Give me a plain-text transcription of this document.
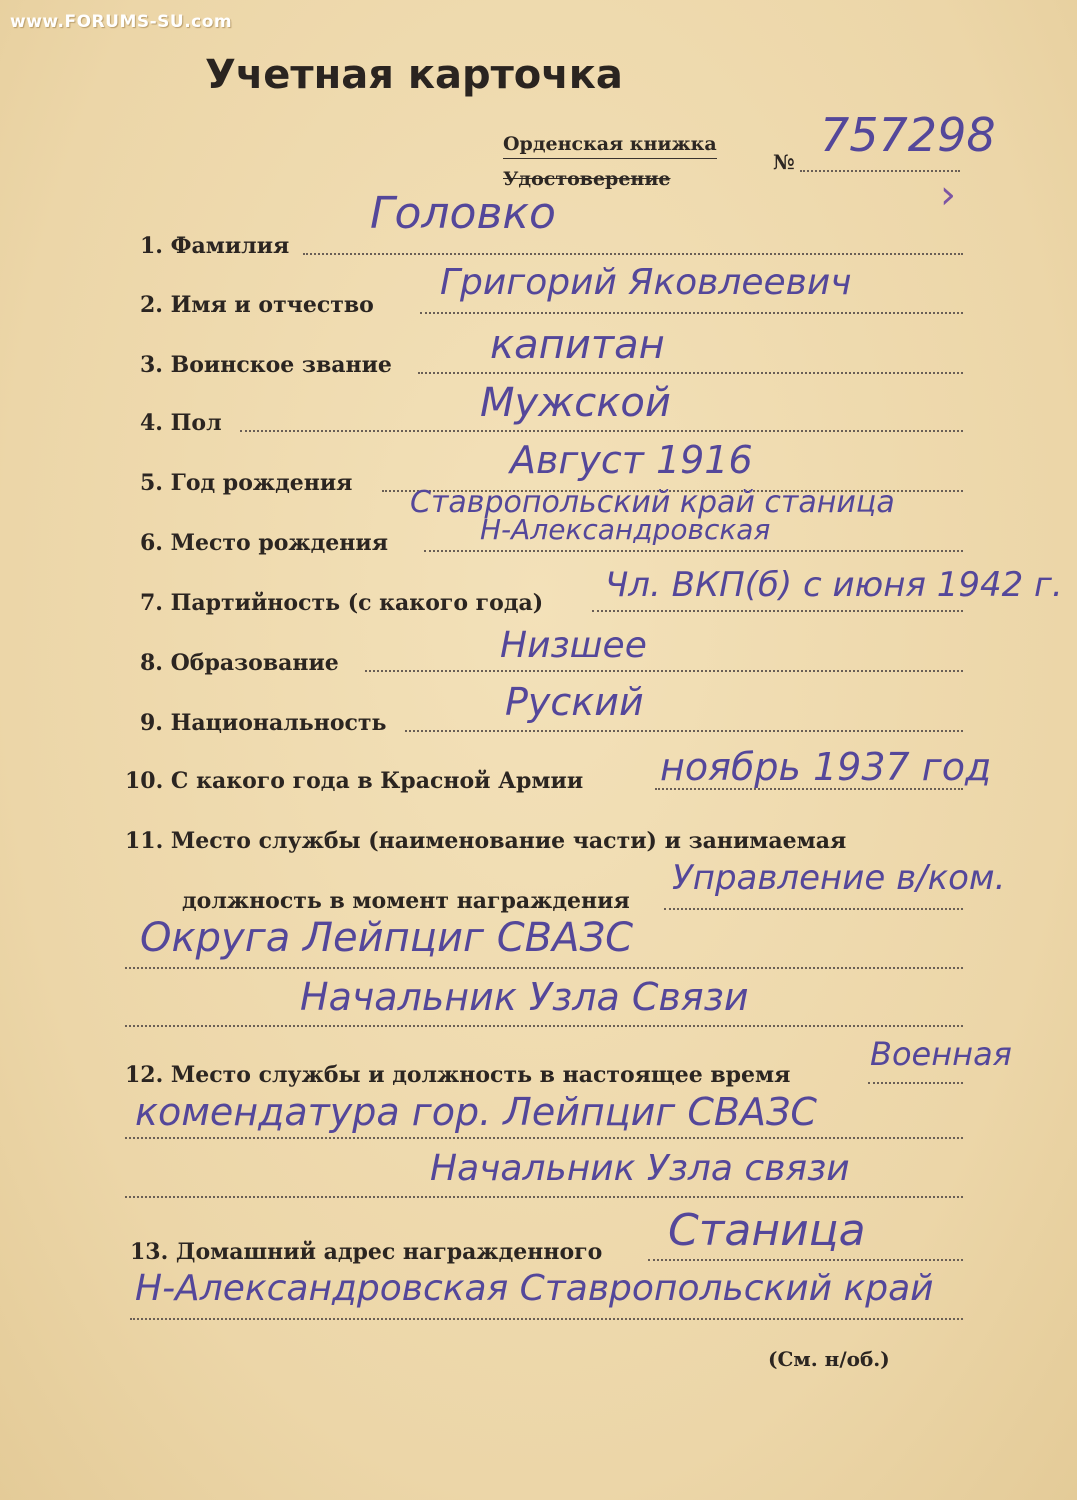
www.FORUMS-SU.com
Учетная карточка
Орденская книжка
Удостоверение
№ 757298
›
1. Фамилия
Головко
2. Имя и отчество
Григорий Яковлеевич
3. Воинское звание капитан
4. Пол	Мужской
5. Год рождения
Август 1916
6. Место рождения
Ставропольский край станица
Н-Александровская
7. Партийность (с какого года) Чл. ВКП(б) с июня 1942 г.
8. Образование	Низшее
9. Национальность	Руский
10. С какого года в Красной Армии ноябрь 1937 год
11. Место службы (наименование части) и занимаемая
должность в момент награждения
Управление в/ком.
Округа Лейпциг СВАЗС
Начальник Узла Связи
12. Место службы и должность в настоящее время
Военная
комендатура гор. Лейпциг СВАЗС
Начальник Узла связи
13. Домашний адрес награжденного Станица
Н-Александровская Ставропольский край
(См. н/об.)
